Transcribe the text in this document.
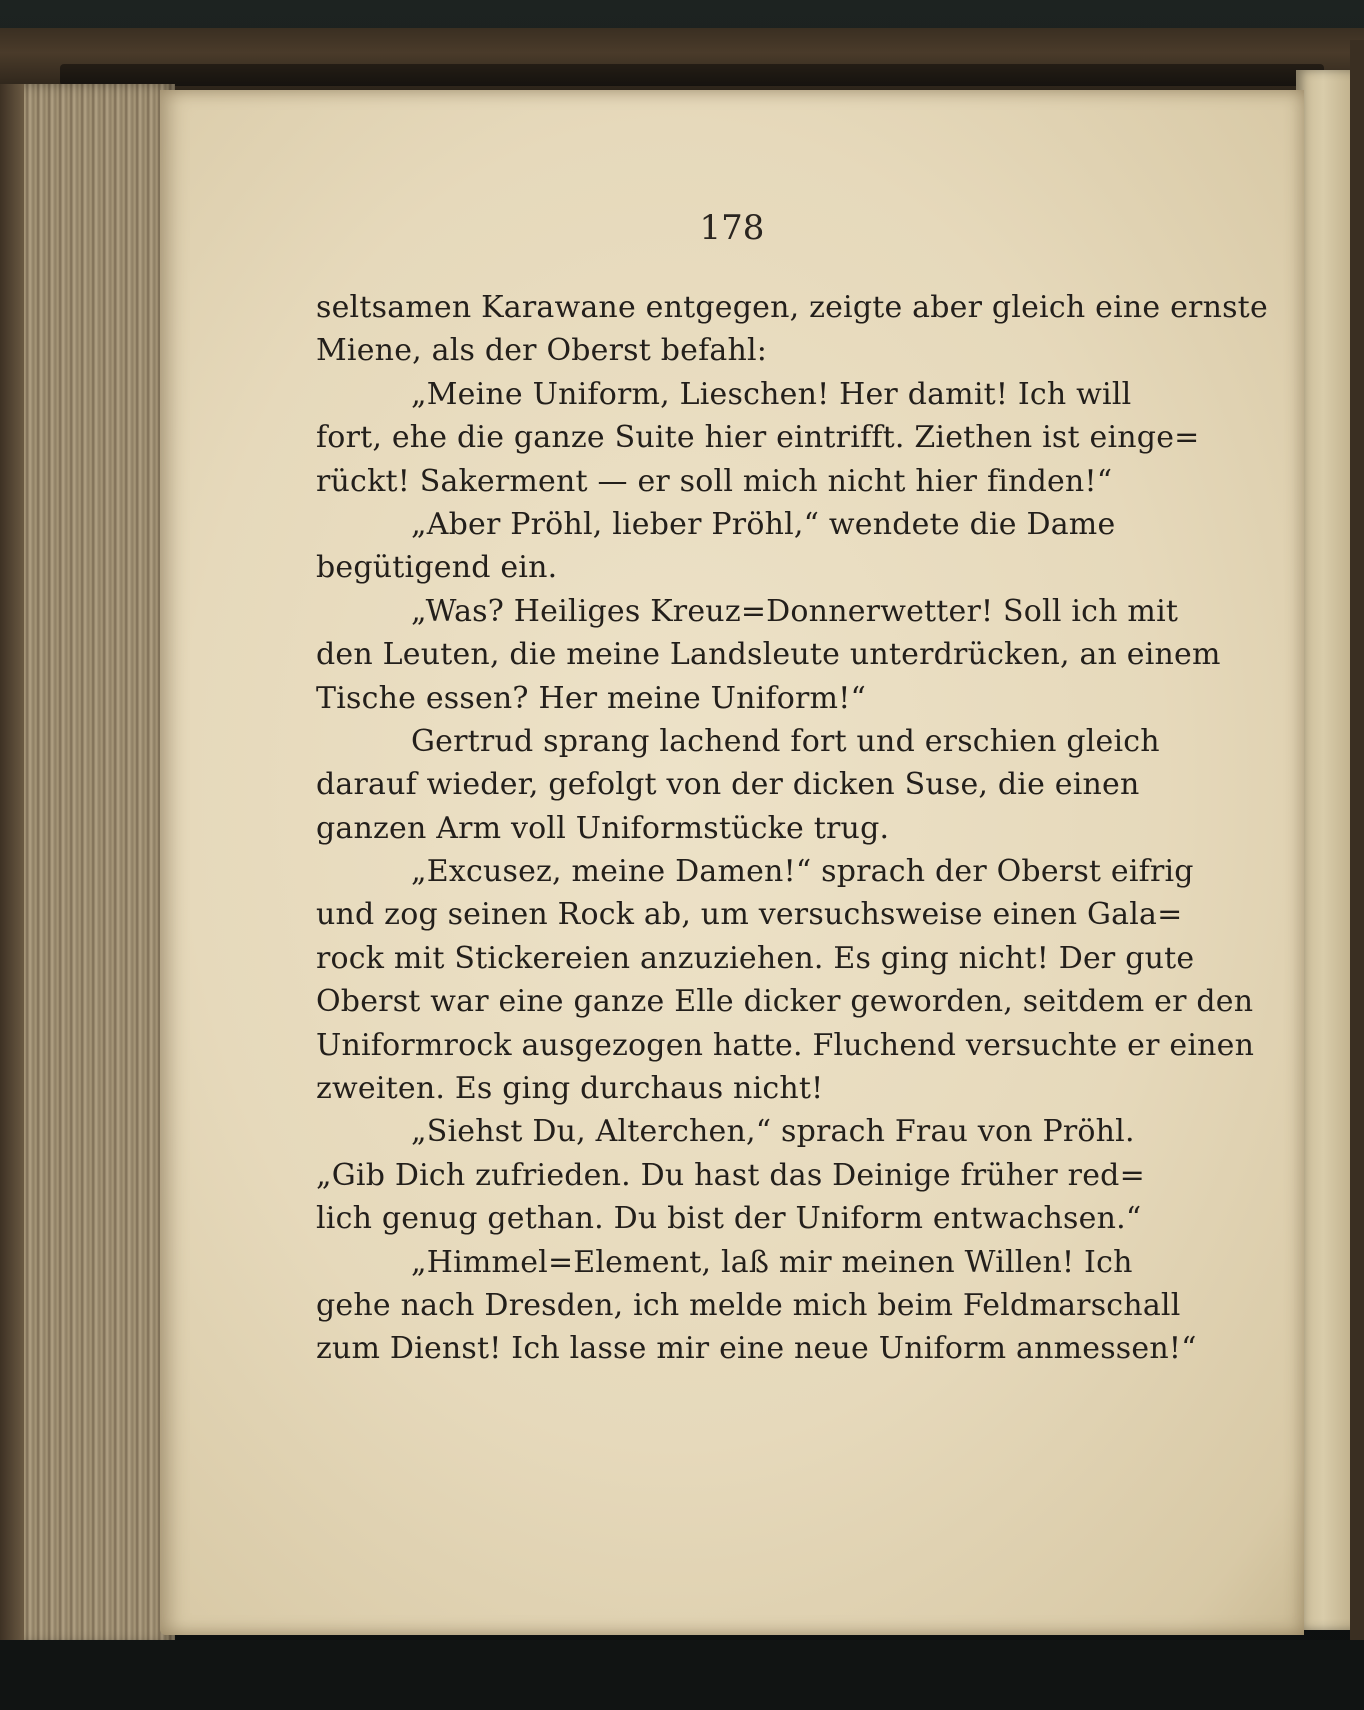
178

seltsamen Karawane entgegen, zeigte aber gleich eine ernste
Miene, als der Oberst befahl:
„Meine Uniform, Lieschen! Her damit! Ich will
fort, ehe die ganze Suite hier eintrifft. Ziethen ist einge=
rückt! Sakerment — er soll mich nicht hier finden!“
„Aber Pröhl, lieber Pröhl,“ wendete die Dame
begütigend ein.
„Was? Heiliges Kreuz=Donnerwetter! Soll ich mit
den Leuten, die meine Landsleute unterdrücken, an einem
Tische essen? Her meine Uniform!“
Gertrud sprang lachend fort und erschien gleich
darauf wieder, gefolgt von der dicken Suse, die einen
ganzen Arm voll Uniformstücke trug.
„Excusez, meine Damen!“ sprach der Oberst eifrig
und zog seinen Rock ab, um versuchsweise einen Gala=
rock mit Stickereien anzuziehen. Es ging nicht! Der gute
Oberst war eine ganze Elle dicker geworden, seitdem er den
Uniformrock ausgezogen hatte. Fluchend versuchte er einen
zweiten. Es ging durchaus nicht!
„Siehst Du, Alterchen,“ sprach Frau von Pröhl.
„Gib Dich zufrieden. Du hast das Deinige früher red=
lich genug gethan. Du bist der Uniform entwachsen.“
„Himmel=Element, laß mir meinen Willen! Ich
gehe nach Dresden, ich melde mich beim Feldmarschall
zum Dienst! Ich lasse mir eine neue Uniform anmessen!“
